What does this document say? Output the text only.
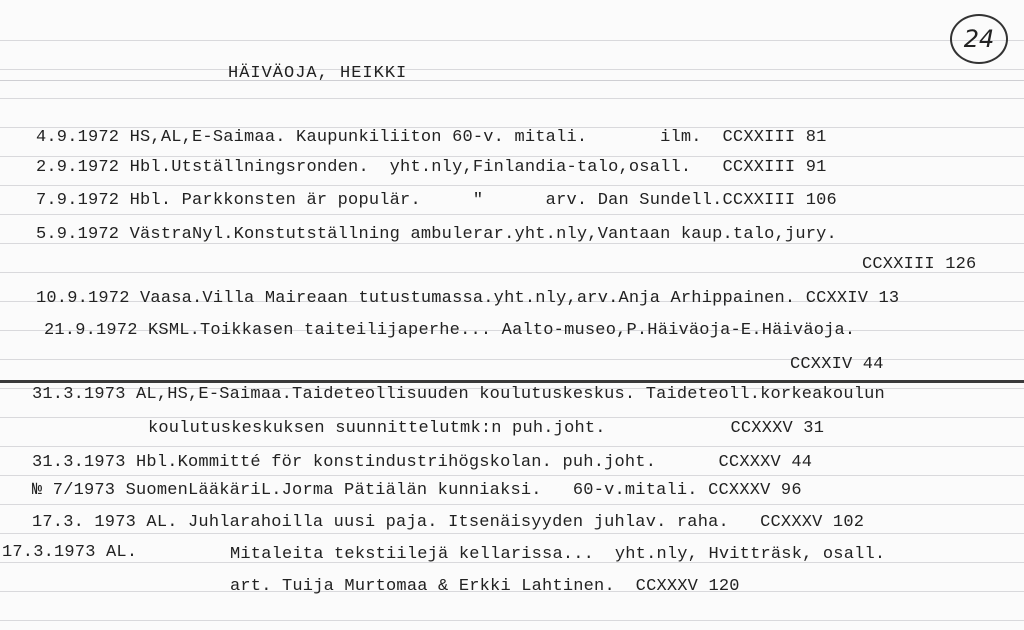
24
HÄIVÄOJA, HEIKKI
4.9.1972 HS,AL,E-Saimaa. Kaupunkiliiton 60-v. mitali.       ilm.  CCXXIII 81
2.9.1972 Hbl.Utställningsronden.  yht.nly,Finlandia-talo,osall.   CCXXIII 91
7.9.1972 Hbl. Parkkonsten är populär.     "      arv. Dan Sundell.CCXXIII 106
5.9.1972 VästraNyl.Konstutställning ambulerar.yht.nly,Vantaan kaup.talo,jury.
CCXXIII 126
10.9.1972 Vaasa.Villa Maireaan tutustumassa.yht.nly,arv.Anja Arhippainen. CCXXIV 13
21.9.1972 KSML.Toikkasen taiteilijaperhe... Aalto-museo,P.Häiväoja-E.Häiväoja.
CCXXIV 44
31.3.1973 AL,HS,E-Saimaa.Taideteollisuuden koulutuskeskus. Taideteoll.korkeakoulun
koulutuskeskuksen suunnittelutmk:n puh.joht.            CCXXXV 31
31.3.1973 Hbl.Kommitté för konstindustrihögskolan. puh.joht.      CCXXXV 44
№ 7/1973 SuomenLääkäriL.Jorma Pätiälän kunniaksi.   60-v.mitali. CCXXXV 96
17.3. 1973 AL. Juhlarahoilla uusi paja. Itsenäisyyden juhlav. raha.   CCXXXV 102
17.3.1973 AL.	Mitaleita tekstiilejä kellarissa...  yht.nly, Hvitträsk, osall.
art. Tuija Murtomaa & Erkki Lahtinen.  CCXXXV 120
